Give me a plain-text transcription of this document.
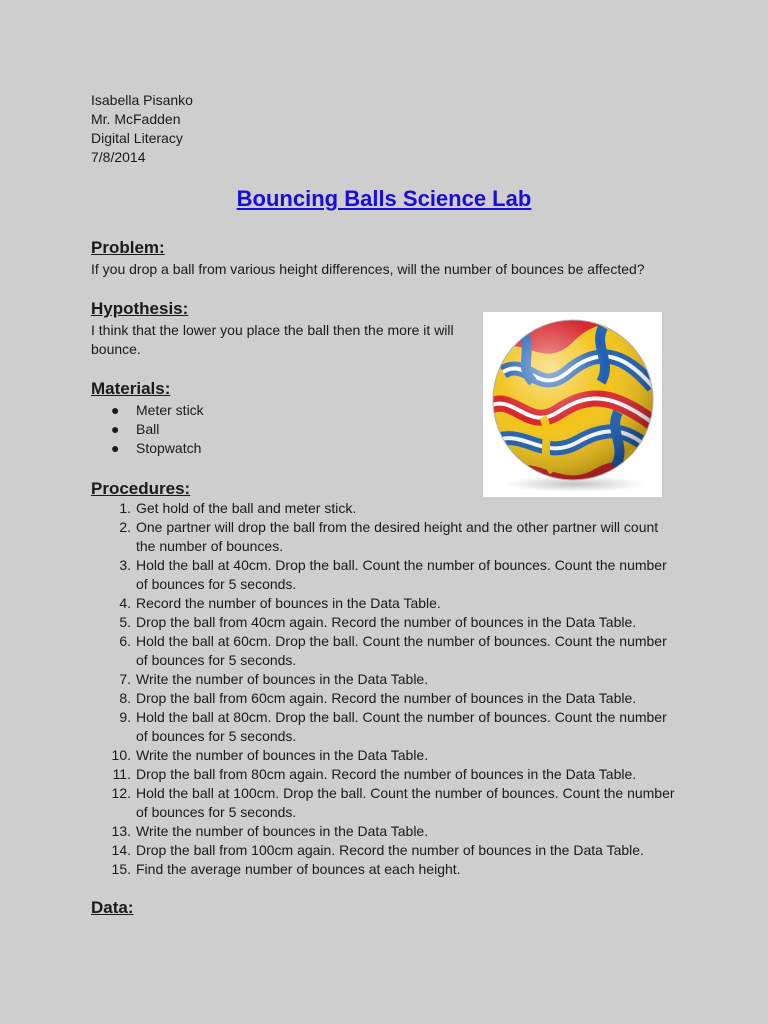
Isabella Pisanko
Mr. McFadden
Digital Literacy
7/8/2014
Bouncing Balls Science Lab
Problem:
If you drop a ball from various height differences, will the number of bounces be affected?
Hypothesis:
I think that the lower you place the ball then the more it will bounce.
Materials:
● Meter stick
● Ball
● Stopwatch
Procedures:
1. Get hold of the ball and meter stick.
2. One partner will drop the ball from the desired height and the other partner will count the number of bounces.
3. Hold the ball at 40cm. Drop the ball. Count the number of bounces. Count the number of bounces for 5 seconds.
4. Record the number of bounces in the Data Table.
5. Drop the ball from 40cm again. Record the number of bounces in the Data Table.
6. Hold the ball at 60cm. Drop the ball. Count the number of bounces. Count the number of bounces for 5 seconds.
7. Write the number of bounces in the Data Table.
8. Drop the ball from 60cm again. Record the number of bounces in the Data Table.
9. Hold the ball at 80cm. Drop the ball. Count the number of bounces. Count the number of bounces for 5 seconds.
10. Write the number of bounces in the Data Table.
11. Drop the ball from 80cm again. Record the number of bounces in the Data Table.
12. Hold the ball at 100cm. Drop the ball. Count the number of bounces. Count the number of bounces for 5 seconds.
13. Write the number of bounces in the Data Table.
14. Drop the ball from 100cm again. Record the number of bounces in the Data Table.
15. Find the average number of bounces at each height.
Data:
